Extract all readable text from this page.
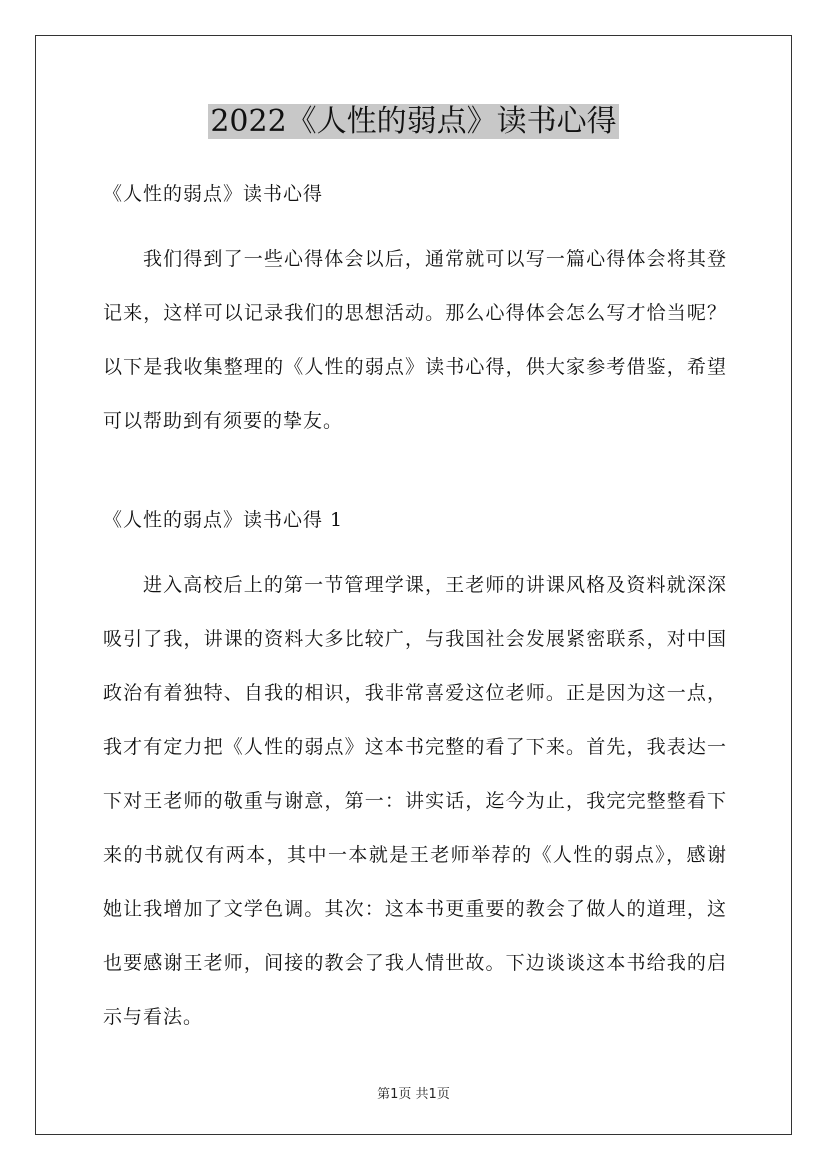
2022《人性的弱点》读书心得
《人性的弱点》读书心得

我们得到了一些心得体会以后，通常就可以写一篇心得体会将其登记来，这样可以记录我们的思想活动。那么心得体会怎么写才恰当呢？以下是我收集整理的《人性的弱点》读书心得，供大家参考借鉴，希望可以帮助到有须要的挚友。

《人性的弱点》读书心得 1

进入高校后上的第一节管理学课，王老师的讲课风格及资料就深深吸引了我，讲课的资料大多比较广，与我国社会发展紧密联系，对中国政治有着独特、自我的相识，我非常喜爱这位老师。正是因为这一点，我才有定力把《人性的弱点》这本书完整的看了下来。首先，我表达一下对王老师的敬重与谢意，第一：讲实话，迄今为止，我完完整整看下来的书就仅有两本，其中一本就是王老师举荐的《人性的弱点》，感谢她让我增加了文学色调。其次：这本书更重要的教会了做人的道理，这也要感谢王老师，间接的教会了我人情世故。下边谈谈这本书给我的启示与看法。

第1页 共1页
